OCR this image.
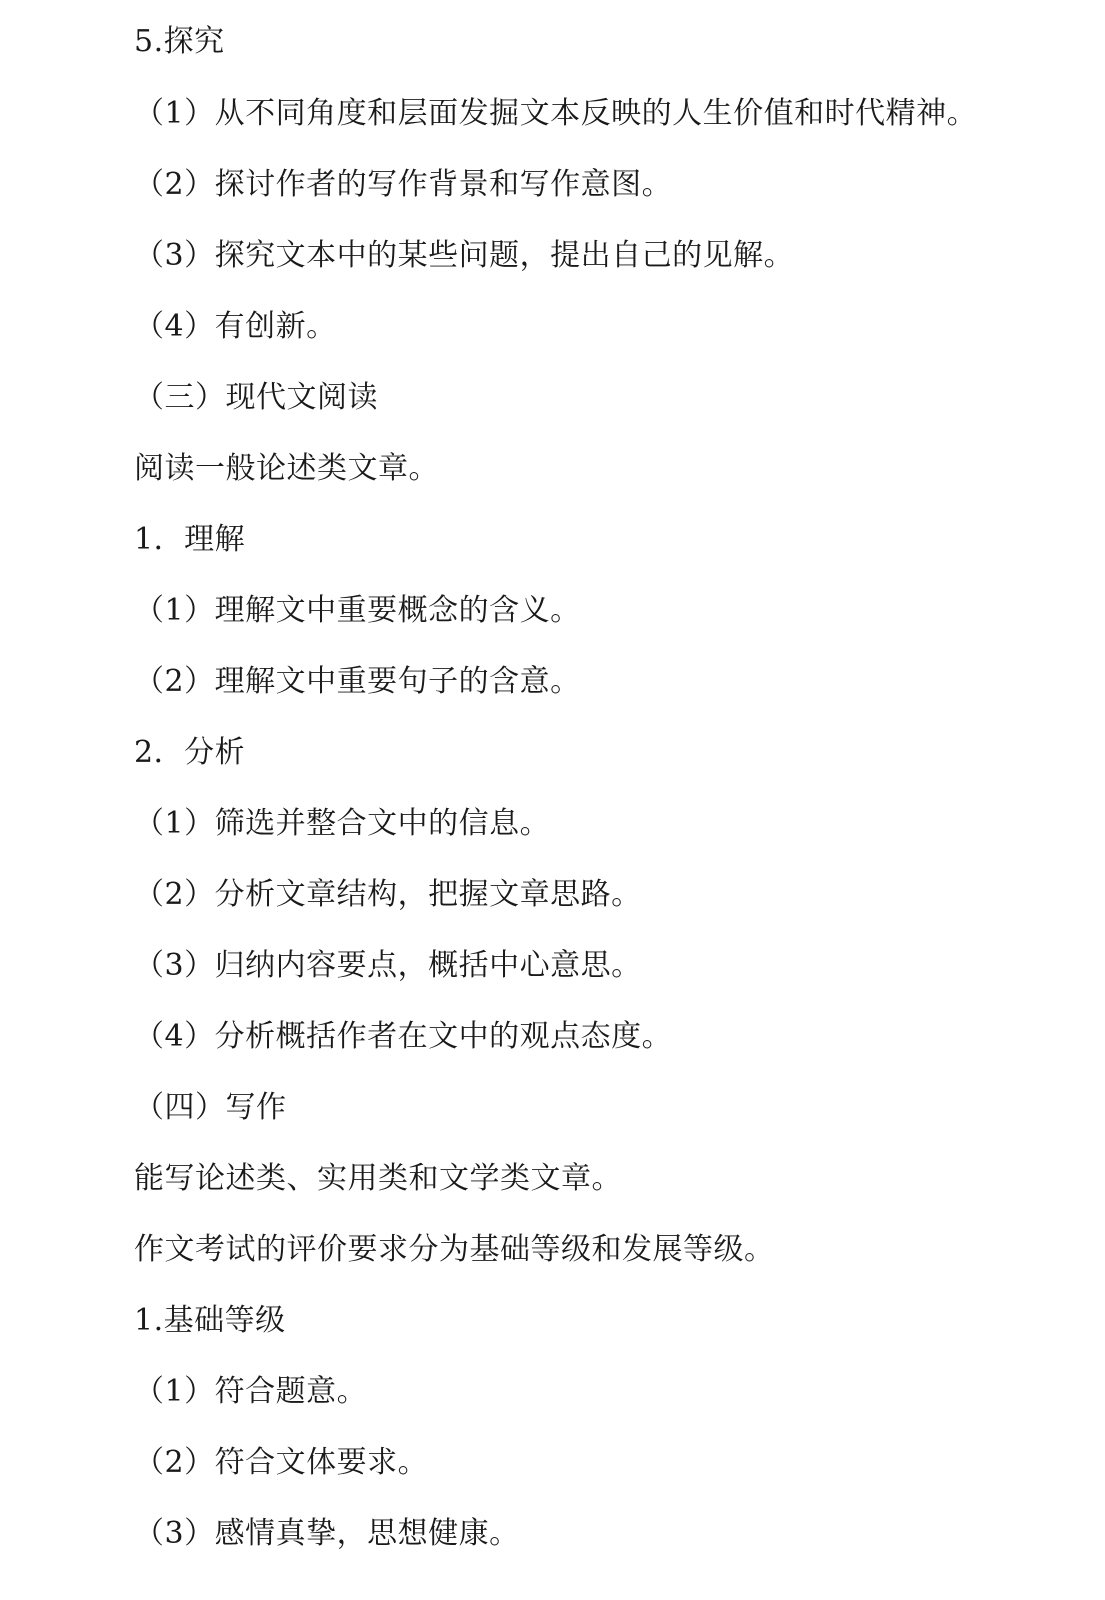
5.探究
（1）从不同角度和层面发掘文本反映的人生价值和时代精神。
（2）探讨作者的写作背景和写作意图。
（3）探究文本中的某些问题，提出自己的见解。
（4）有创新。
（三）现代文阅读
阅读一般论述类文章。
1．理解
（1）理解文中重要概念的含义。
（2）理解文中重要句子的含意。
2．分析
（1）筛选并整合文中的信息。
（2）分析文章结构，把握文章思路。
（3）归纳内容要点，概括中心意思。
（4）分析概括作者在文中的观点态度。
（四）写作
能写论述类、实用类和文学类文章。
作文考试的评价要求分为基础等级和发展等级。
1.基础等级
（1）符合题意。
（2）符合文体要求。
（3）感情真挚，思想健康。
